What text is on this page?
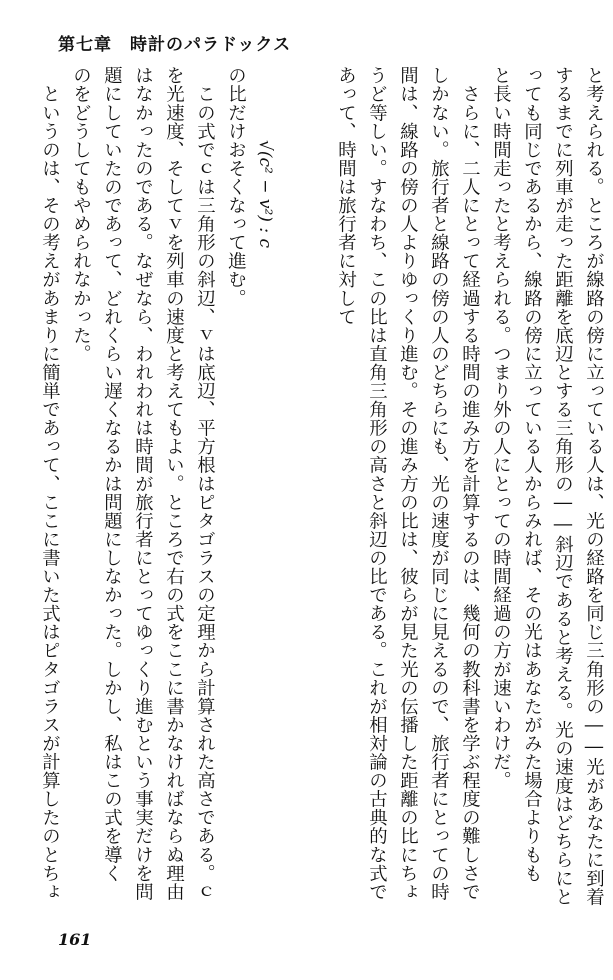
第七章　時計のパラドックス
と考えられる。ところが線路の傍に立っている人は、光の経路を同じ三角形の――光があなたに到着
するまでに列車が走った距離を底辺とする三角形の――斜辺であると考える。光の速度はどちらにと
っても同じであるから、線路の傍に立っている人からみれば、その光はあなたがみた場合よりもも
と長い時間走ったと考えられる。つまり外の人にとっての時間経過の方が速いわけだ。
　さらに、二人にとって経過する時間の進み方を計算するのは、幾何の教科書を学ぶ程度の難しさで
しかない。旅行者と線路の傍の人のどちらにも、光の速度が同じに見えるので、旅行者にとっての時
間は、線路の傍の人よりゆっくり進む。その進み方の比は、彼らが見た光の伝播した距離の比にちょ
うど等しい。すなわち、この比は直角三角形の高さと斜辺の比である。これが相対論の古典的な式で
あって、時間は旅行者に対して
√(c² − v²) : c
の比だけおそくなって進む。
　この式でｃは三角形の斜辺、ｖは底辺、平方根はピタゴラスの定理から計算された高さである。ｃ
を光速度、そしてｖを列車の速度と考えてもよい。ところで右の式をここに書かなければならぬ理由
はなかったのである。なぜなら、われわれは時間が旅行者にとってゆっくり進むという事実だけを問
題にしていたのであって、どれくらい遅くなるかは問題にしなかった。しかし、私はこの式を導く
のをどうしてもやめられなかった。
　というのは、その考えがあまりに簡単であって、ここに書いた式はピタゴラスが計算したのとちょ
161
